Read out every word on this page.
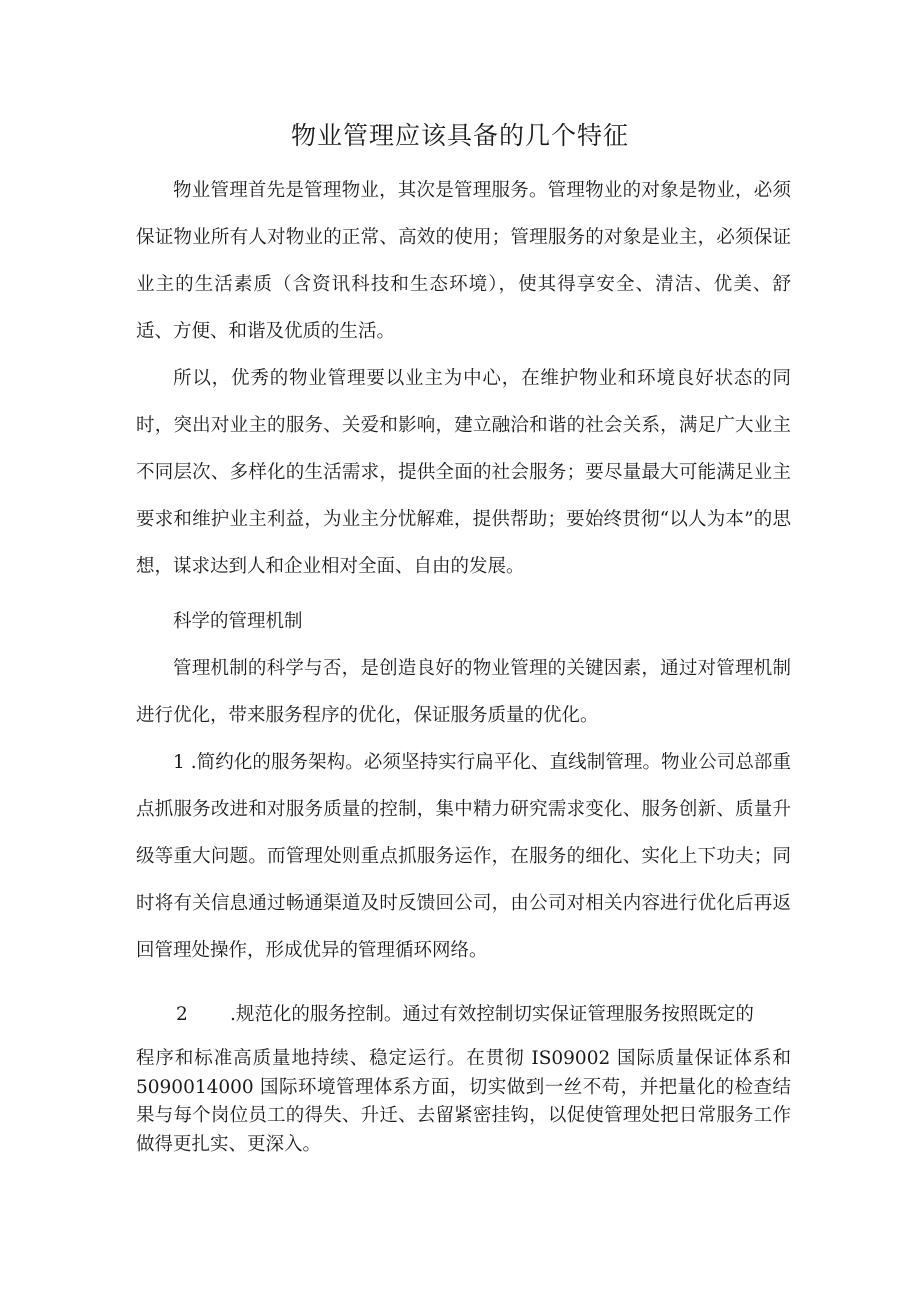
物业管理应该具备的几个特征
物业管理首先是管理物业，其次是管理服务。管理物业的对象是物业，必须保证物业所有人对物业的正常、高效的使用；管理服务的对象是业主，必须保证业主的生活素质（含资讯科技和生态环境），使其得享安全、清洁、优美、舒适、方便、和谐及优质的生活。
所以，优秀的物业管理要以业主为中心，在维护物业和环境良好状态的同时，突出对业主的服务、关爱和影响，建立融洽和谐的社会关系，满足广大业主不同层次、多样化的生活需求，提供全面的社会服务；要尽量最大可能满足业主要求和维护业主利益，为业主分忧解难，提供帮助；要始终贯彻“以人为本”的思想，谋求达到人和企业相对全面、自由的发展。
科学的管理机制
管理机制的科学与否，是创造良好的物业管理的关键因素，通过对管理机制进行优化，带来服务程序的优化，保证服务质量的优化。
1 .简约化的服务架构。必须坚持实行扁平化、直线制管理。物业公司总部重点抓服务改进和对服务质量的控制，集中精力研究需求变化、服务创新、质量升级等重大问题。而管理处则重点抓服务运作，在服务的细化、实化上下功夫；同时将有关信息通过畅通渠道及时反馈回公司，由公司对相关内容进行优化后再返回管理处操作，形成优异的管理循环网络。
2 .规范化的服务控制。通过有效控制切实保证管理服务按照既定的
程序和标准高质量地持续、稳定运行。在贯彻 IS09002 国际质量保证体系和 5090014000 国际环境管理体系方面，切实做到一丝不苟，并把量化的检查结果与每个岗位员工的得失、升迁、去留紧密挂钩，以促使管理处把日常服务工作做得更扎实、更深入。
